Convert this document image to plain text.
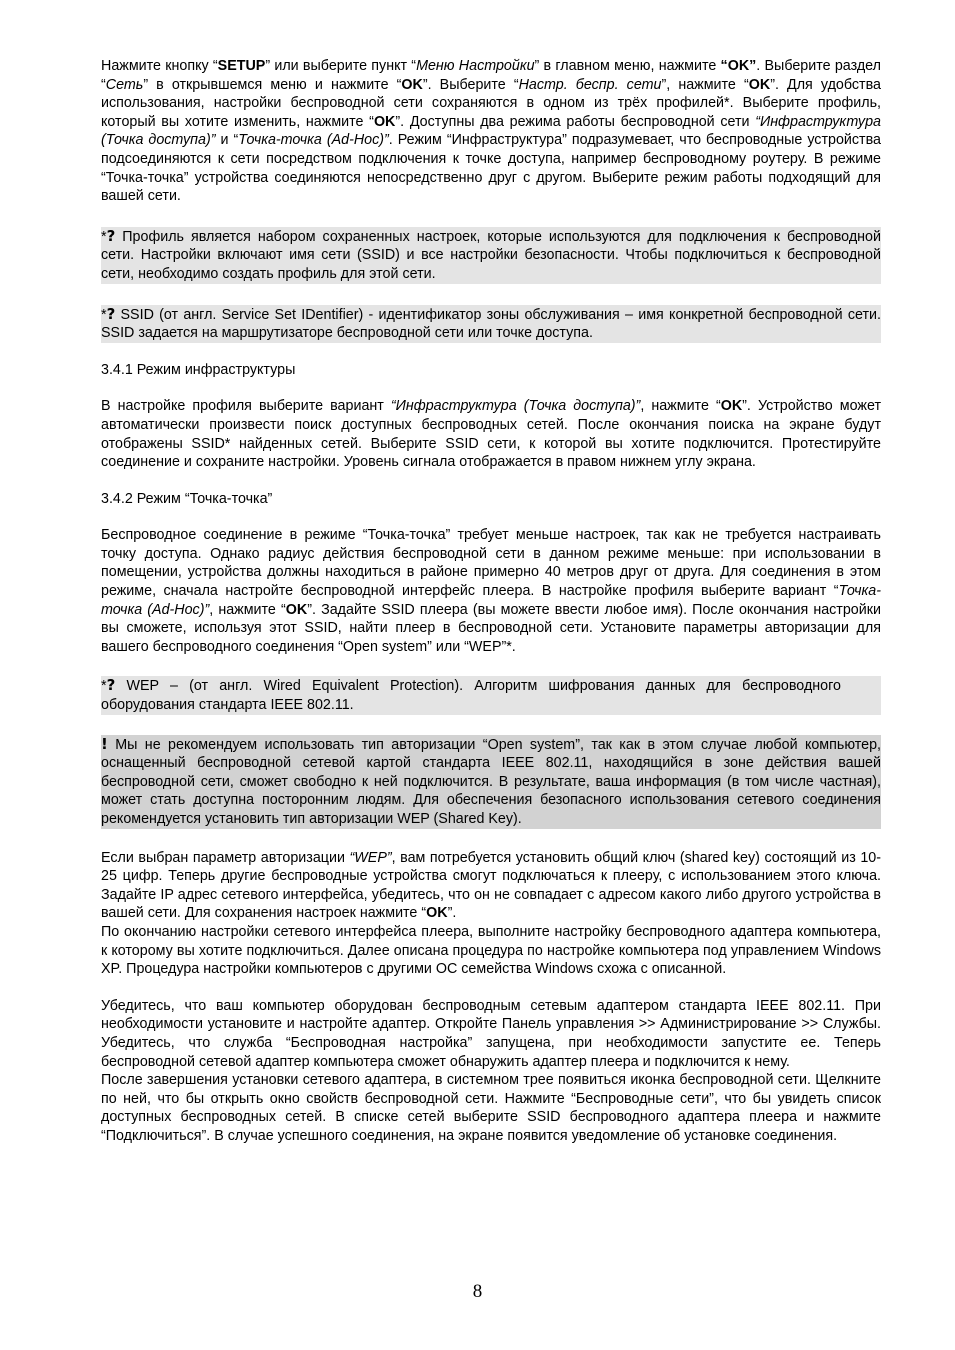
Нажмите кнопку “SETUP” или выберите пункт “Меню Настройки” в главном меню, нажмите “OK”. Выберите раздел “Сеть” в открывшемся меню и нажмите “OK”. Выберите “Настр. беспр. сети”, нажмите “OK”. Для удобства использования, настройки беспроводной сети сохраняются в одном из трёх профилей*. Выберите профиль, который вы хотите изменить, нажмите “OK”. Доступны два режима работы беспроводной сети “Инфраструктура (Точка доступа)” и “Точка-точка (Ad-Hoc)”. Режим “Инфраструктура” подразумевает, что беспроводные устройства подсоединяются к сети посредством подключения к точке доступа, например беспроводному роутеру. В режиме “Точка-точка” устройства соединяются непосредственно друг с другом. Выберите режим работы подходящий для вашей сети.

*? Профиль является набором сохраненных настроек, которые используются для подключения к беспроводной сети. Настройки включают имя сети (SSID) и все настройки безопасности. Чтобы подключиться к беспроводной сети, необходимо создать профиль для этой сети.

*? SSID (от англ. Service Set IDentifier) - идентификатор зоны обслуживания – имя конкретной беспроводной сети. SSID задается на маршрутизаторе беспроводной сети или точке доступа.

3.4.1 Режим инфраструктуры

В настройке профиля выберите вариант “Инфраструктура (Точка доступа)”, нажмите “OK”. Устройство может автоматически произвести поиск доступных беспроводных сетей. После окончания поиска на экране будут отображены SSID* найденных сетей. Выберите SSID сети, к которой вы хотите подключится. Протестируйте соединение и сохраните настройки. Уровень сигнала отображается в правом нижнем углу экрана.

3.4.2 Режим “Точка-точка”

Беспроводное соединение в режиме “Точка-точка” требует меньше настроек, так как не требуется настраивать точку доступа. Однако радиус действия беспроводной сети в данном режиме меньше: при использовании в помещении, устройства должны находиться в районе примерно 40 метров друг от друга. Для соединения в этом режиме, сначала настройте беспроводной интерфейс плеера. В настройке профиля выберите вариант “Точка-точка (Ad-Hoc)”, нажмите “OK”. Задайте SSID плеера (вы можете ввести любое имя). После окончания настройки вы сможете, используя этот SSID, найти плеер в беспроводной сети. Установите параметры авторизации для вашего беспроводного соединения “Open system” или “WEP”*.

*? WEP – (от англ. Wired Equivalent Protection). Алгоритм шифрования данных для беспроводного оборудования стандарта IEEE 802.11.

! Мы не рекомендуем использовать тип авторизации “Open system”, так как в этом случае любой компьютер, оснащенный беспроводной сетевой картой стандарта IEEE 802.11, находящийся в зоне действия вашей беспроводной сети, сможет свободно к ней подключится. В результате, ваша информация (в том числе частная), может стать доступна посторонним людям. Для обеспечения безопасного использования сетевого соединения рекомендуется установить тип авторизации WEP (Shared Key).

Если выбран параметр авторизации “WEP”, вам потребуется установить общий ключ (shared key) состоящий из 10-25 цифр. Теперь другие беспроводные устройства смогут подключаться к плееру, с использованием этого ключа. Задайте IP адрес сетевого интерфейса, убедитесь, что он не совпадает с адресом какого либо другого устройства в вашей сети. Для сохранения настроек нажмите “OK”.

По окончанию настройки сетевого интерфейса плеера, выполните настройку беспроводного адаптера компьютера, к которому вы хотите подключиться. Далее описана процедура по настройке компьютера под управлением Windows XP. Процедура настройки компьютеров с другими ОС семейства Windows схожа с описанной.

Убедитесь, что ваш компьютер оборудован беспроводным сетевым адаптером стандарта IEEE 802.11. При необходимости установите и настройте адаптер. Откройте Панель управления >> Администрирование >> Службы. Убедитесь, что служба “Беспроводная настройка” запущена, при необходимости запустите ее. Теперь беспроводной сетевой адаптер компьютера сможет обнаружить адаптер плеера и подключится к нему.

После завершения установки сетевого адаптера, в системном трее появиться иконка беспроводной сети. Щелкните по ней, что бы открыть окно свойств беспроводной сети. Нажмите “Беспроводные сети”, что бы увидеть список доступных беспроводных сетей. В списке сетей выберите SSID беспроводного адаптера плеера и нажмите “Подключиться”. В случае успешного соединения, на экране появится уведомление об установке соединения.

8
